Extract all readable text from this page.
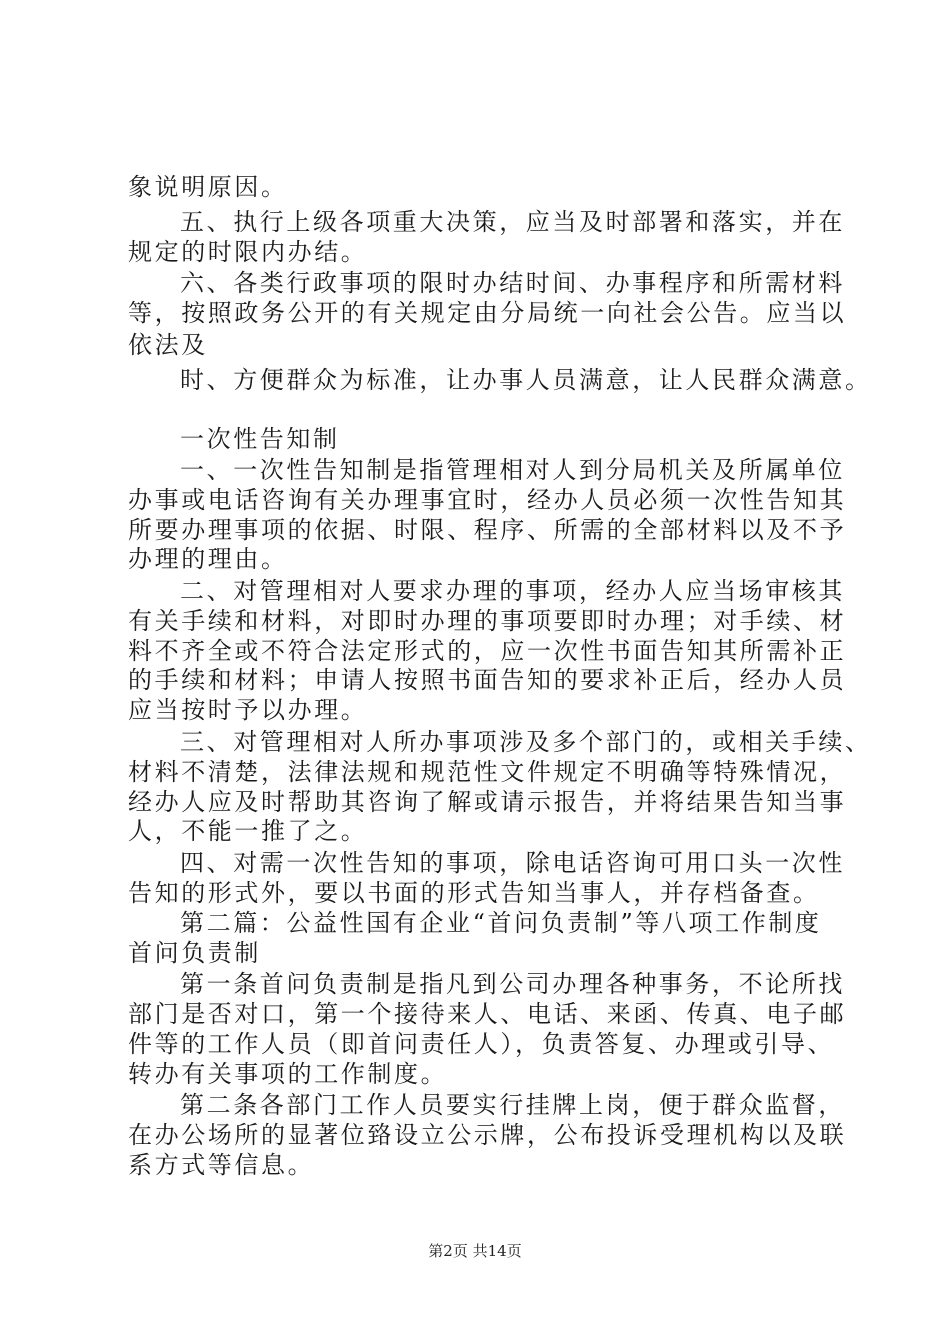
象说明原因。
五、执行上级各项重大决策，应当及时部署和落实，并在
规定的时限内办结。
六、各类行政事项的限时办结时间、办事程序和所需材料
等，按照政务公开的有关规定由分局统一向社会公告。应当以
依法及
时、方便群众为标准，让办事人员满意，让人民群众满意。
一次性告知制
一、一次性告知制是指管理相对人到分局机关及所属单位
办事或电话咨询有关办理事宜时，经办人员必须一次性告知其
所要办理事项的依据、时限、程序、所需的全部材料以及不予
办理的理由。
二、对管理相对人要求办理的事项，经办人应当场审核其
有关手续和材料，对即时办理的事项要即时办理；对手续、材
料不齐全或不符合法定形式的，应一次性书面告知其所需补正
的手续和材料；申请人按照书面告知的要求补正后，经办人员
应当按时予以办理。
三、对管理相对人所办事项涉及多个部门的，或相关手续、
材料不清楚，法律法规和规范性文件规定不明确等特殊情况，
经办人应及时帮助其咨询了解或请示报告，并将结果告知当事
人，不能一推了之。
四、对需一次性告知的事项，除电话咨询可用口头一次性
告知的形式外，要以书面的形式告知当事人，并存档备查。
第二篇：公益性国有企业“首问负责制”等八项工作制度
首问负责制
第一条首问负责制是指凡到公司办理各种事务，不论所找
部门是否对口，第一个接待来人、电话、来函、传真、电子邮
件等的工作人员（即首问责任人），负责答复、办理或引导、
转办有关事项的工作制度。
第二条各部门工作人员要实行挂牌上岗，便于群众监督，
在办公场所的显著位臵设立公示牌，公布投诉受理机构以及联
系方式等信息。
第2页 共14页
